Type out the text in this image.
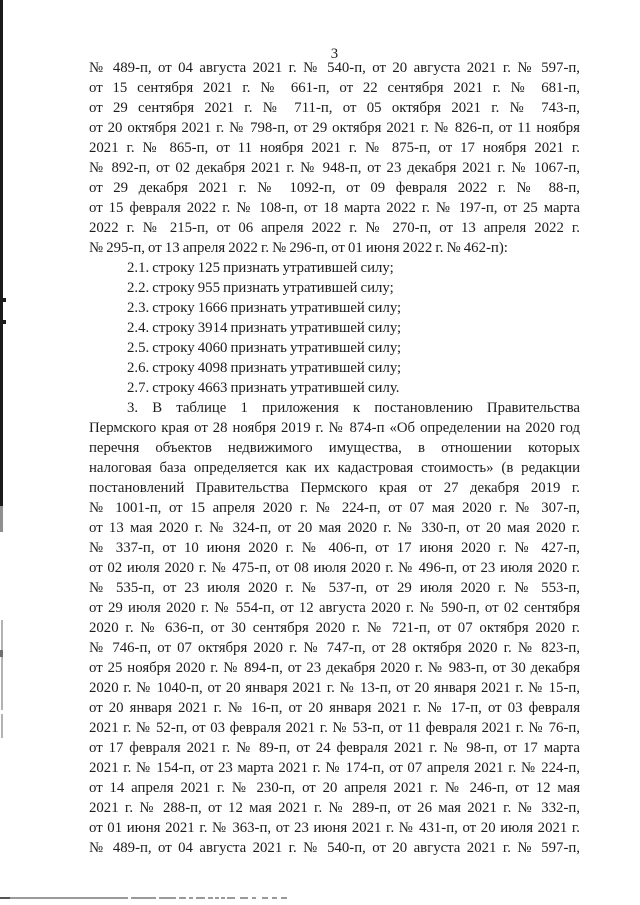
3
№ 489-п, от 04 августа 2021 г. № 540-п, от 20 августа 2021 г. № 597-п,
от 15 сентября 2021 г. № 661-п, от 22 сентября 2021 г. № 681-п,
от 29 сентября 2021 г. № 711-п, от 05 октября 2021 г. № 743-п,
от 20 октября 2021 г. № 798-п, от 29 октября 2021 г. № 826-п, от 11 ноября
2021 г. № 865-п, от 11 ноября 2021 г. № 875-п, от 17 ноября 2021 г.
№ 892-п, от 02 декабря 2021 г. № 948-п, от 23 декабря 2021 г. № 1067-п,
от 29 декабря 2021 г. № 1092-п, от 09 февраля 2022 г. № 88-п,
от 15 февраля 2022 г. № 108-п, от 18 марта 2022 г. № 197-п, от 25 марта
2022 г. № 215-п, от 06 апреля 2022 г. № 270-п, от 13 апреля 2022 г.
№ 295-п, от 13 апреля 2022 г. № 296-п, от 01 июня 2022 г. № 462-п):
2.1. строку 125 признать утратившей силу;
2.2. строку 955 признать утратившей силу;
2.3. строку 1666 признать утратившей силу;
2.4. строку 3914 признать утратившей силу;
2.5. строку 4060 признать утратившей силу;
2.6. строку 4098 признать утратившей силу;
2.7. строку 4663 признать утратившей силу.
3. В таблице 1 приложения к постановлению Правительства
Пермского края от 28 ноября 2019 г. № 874-п «Об определении на 2020 год
перечня объектов недвижимого имущества, в отношении которых
налоговая база определяется как их кадастровая стоимость» (в редакции
постановлений Правительства Пермского края от 27 декабря 2019 г.
№ 1001-п, от 15 апреля 2020 г. № 224-п, от 07 мая 2020 г. № 307-п,
от 13 мая 2020 г. № 324-п, от 20 мая 2020 г. № 330-п, от 20 мая 2020 г.
№ 337-п, от 10 июня 2020 г. № 406-п, от 17 июня 2020 г. № 427-п,
от 02 июля 2020 г. № 475-п, от 08 июля 2020 г. № 496-п, от 23 июля 2020 г.
№ 535-п, от 23 июля 2020 г. № 537-п, от 29 июля 2020 г. № 553-п,
от 29 июля 2020 г. № 554-п, от 12 августа 2020 г. № 590-п, от 02 сентября
2020 г. № 636-п, от 30 сентября 2020 г. № 721-п, от 07 октября 2020 г.
№ 746-п, от 07 октября 2020 г. № 747-п, от 28 октября 2020 г. № 823-п,
от 25 ноября 2020 г. № 894-п, от 23 декабря 2020 г. № 983-п, от 30 декабря
2020 г. № 1040-п, от 20 января 2021 г. № 13-п, от 20 января 2021 г. № 15-п,
от 20 января 2021 г. № 16-п, от 20 января 2021 г. № 17-п, от 03 февраля
2021 г. № 52-п, от 03 февраля 2021 г. № 53-п, от 11 февраля 2021 г. № 76-п,
от 17 февраля 2021 г. № 89-п, от 24 февраля 2021 г. № 98-п, от 17 марта
2021 г. № 154-п, от 23 марта 2021 г. № 174-п, от 07 апреля 2021 г. № 224-п,
от 14 апреля 2021 г. № 230-п, от 20 апреля 2021 г. № 246-п, от 12 мая
2021 г. № 288-п, от 12 мая 2021 г. № 289-п, от 26 мая 2021 г. № 332-п,
от 01 июня 2021 г. № 363-п, от 23 июня 2021 г. № 431-п, от 20 июля 2021 г.
№ 489-п, от 04 августа 2021 г. № 540-п, от 20 августа 2021 г. № 597-п,
